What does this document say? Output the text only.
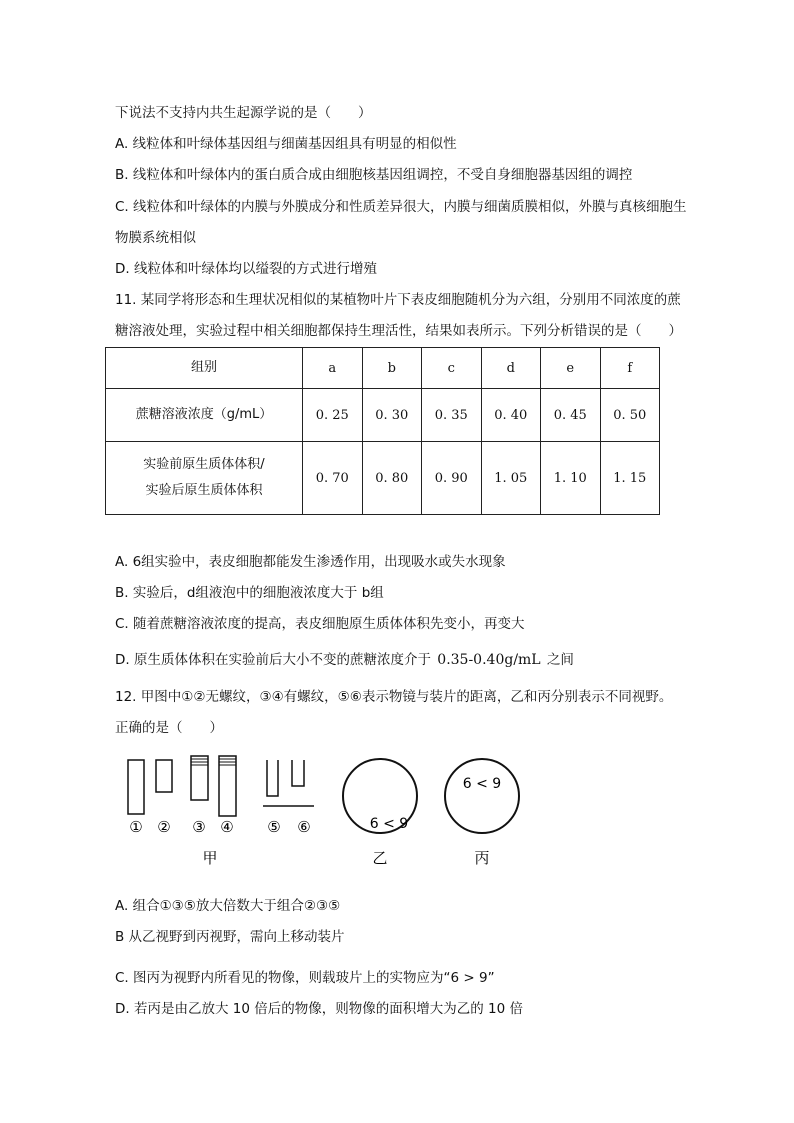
下说法不支持内共生起源学说的是（　　）
A. 线粒体和叶绿体基因组与细菌基因组具有明显的相似性
B. 线粒体和叶绿体内的蛋白质合成由细胞核基因组调控，不受自身细胞器基因组的调控
C. 线粒体和叶绿体的内膜与外膜成分和性质差异很大，内膜与细菌质膜相似，外膜与真核细胞生
物膜系统相似
D. 线粒体和叶绿体均以缢裂的方式进行增殖
11. 某同学将形态和生理状况相似的某植物叶片下表皮细胞随机分为六组，分别用不同浓度的蔗
糖溶液处理，实验过程中相关细胞都保持生理活性，结果如表所示。下列分析错误的是（　　）
组别	a	b	c	d	e	f
蔗糖溶液浓度（g/mL）	0. 25	0. 30	0. 35	0. 40	0. 45	0. 50

实验前原生质体体积/
实验后原生质体体积	0. 70	0. 80	0. 90	1. 05	1. 10	1. 15
A. 6组实验中，表皮细胞都能发生渗透作用，出现吸水或失水现象
B. 实验后，d组液泡中的细胞液浓度大于 b组
C. 随着蔗糖溶液浓度的提高，表皮细胞原生质体体积先变小，再变大
D. 原生质体体积在实验前后大小不变的蔗糖浓度介于 0.35-0.40g/mL 之间
12. 甲图中①②无螺纹，③④有螺纹，⑤⑥表示物镜与装片的距离，乙和丙分别表示不同视野。
正确的是（　　）
① ② ③ ④ ⑤ ⑥
甲
6 < 9
乙
6 < 9
丙
A. 组合①③⑤放大倍数大于组合②③⑤
B 从乙视野到丙视野，需向上移动装片
C. 图丙为视野内所看见的物像，则载玻片上的实物应为“6 > 9”
D. 若丙是由乙放大 10 倍后的物像，则物像的面积增大为乙的 10 倍
